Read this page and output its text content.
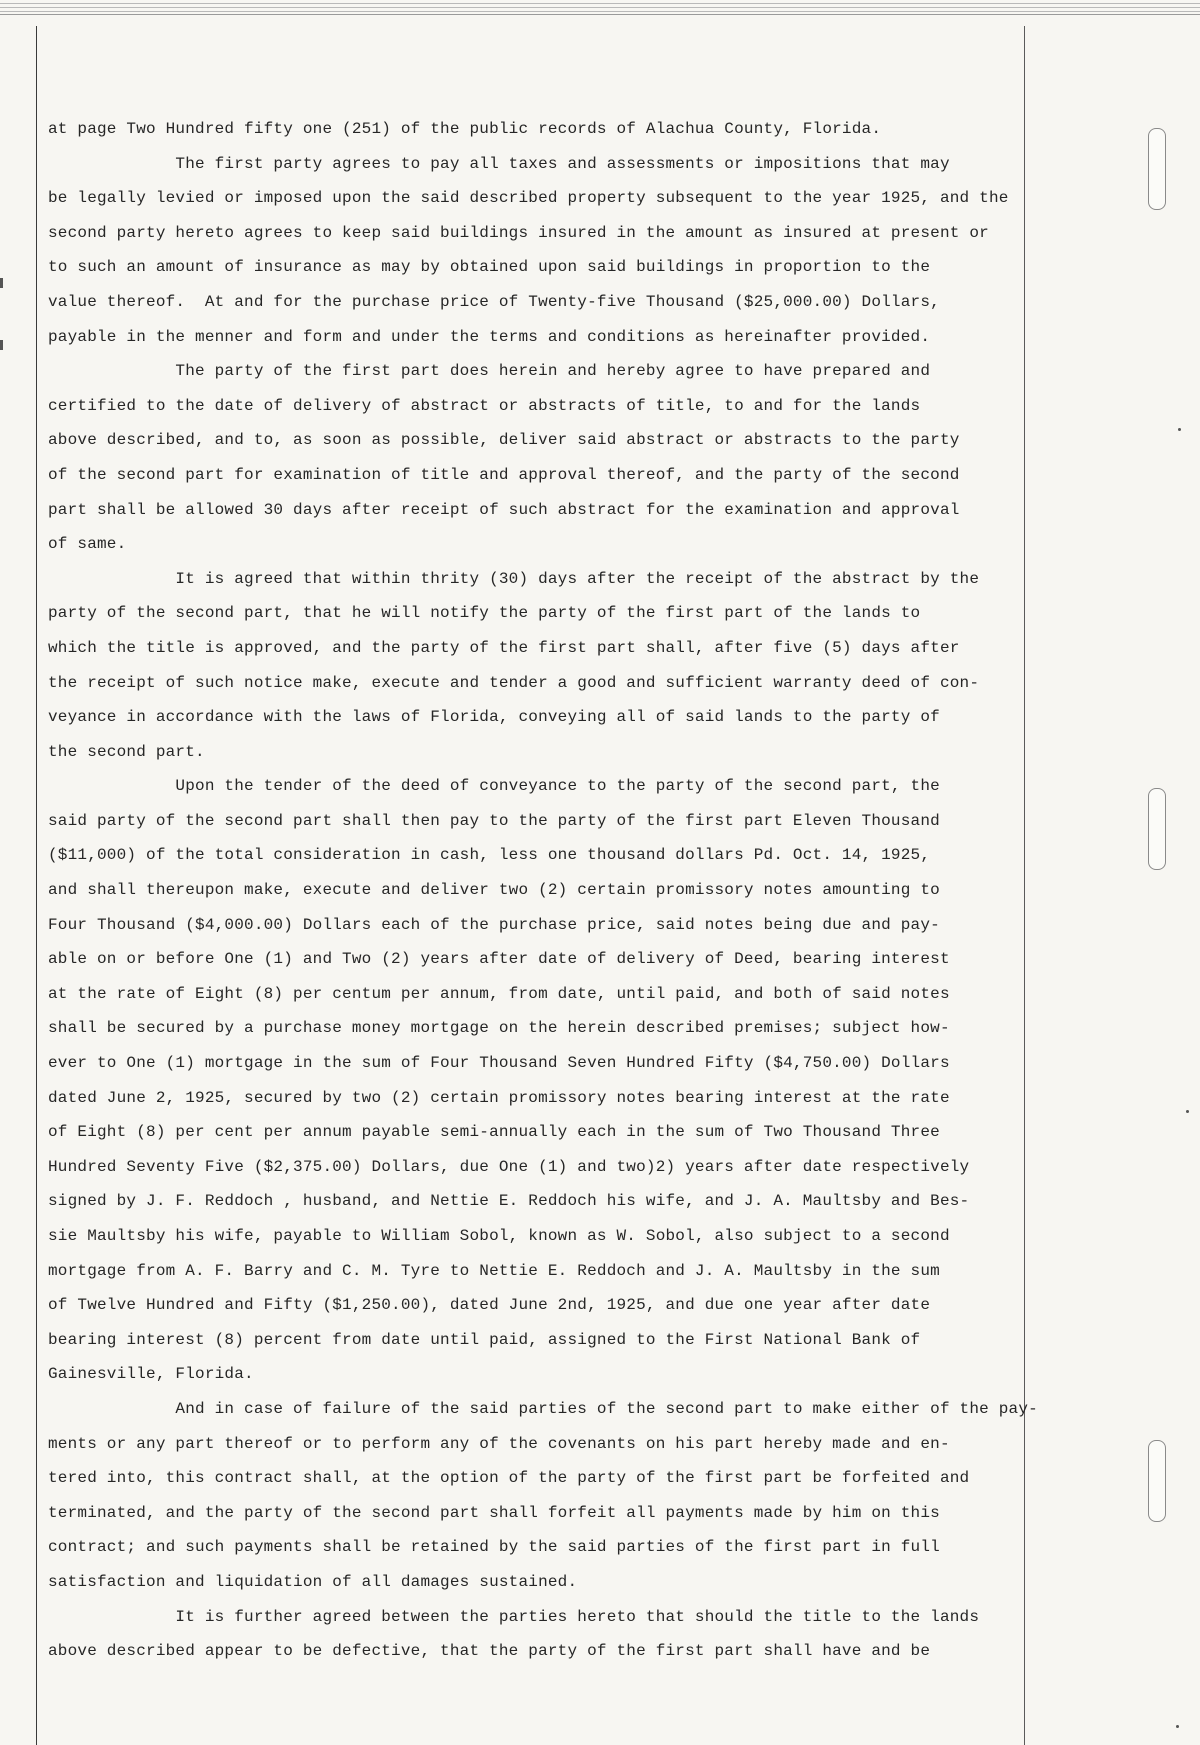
at page Two Hundred fifty one (251) of the public records of Alachua County, Florida.
The first party agrees to pay all taxes and assessments or impositions that may
be legally levied or imposed upon the said described property subsequent to the year 1925, and the
second party hereto agrees to keep said buildings insured in the amount as insured at present or
to such an amount of insurance as may by obtained upon said buildings in proportion to the
value thereof.  At and for the purchase price of Twenty-five Thousand ($25,000.00) Dollars,
payable in the menner and form and under the terms and conditions as hereinafter provided.
The party of the first part does herein and hereby agree to have prepared and
certified to the date of delivery of abstract or abstracts of title, to and for the lands
above described, and to, as soon as possible, deliver said abstract or abstracts to the party
of the second part for examination of title and approval thereof, and the party of the second
part shall be allowed 30 days after receipt of such abstract for the examination and approval
of same.
It is agreed that within thrity (30) days after the receipt of the abstract by the
party of the second part, that he will notify the party of the first part of the lands to
which the title is approved, and the party of the first part shall, after five (5) days after
the receipt of such notice make, execute and tender a good and sufficient warranty deed of con-
veyance in accordance with the laws of Florida, conveying all of said lands to the party of
the second part.
Upon the tender of the deed of conveyance to the party of the second part, the
said party of the second part shall then pay to the party of the first part Eleven Thousand
($11,000) of the total consideration in cash, less one thousand dollars Pd. Oct. 14, 1925,
and shall thereupon make, execute and deliver two (2) certain promissory notes amounting to
Four Thousand ($4,000.00) Dollars each of the purchase price, said notes being due and pay-
able on or before One (1) and Two (2) years after date of delivery of Deed, bearing interest
at the rate of Eight (8) per centum per annum, from date, until paid, and both of said notes
shall be secured by a purchase money mortgage on the herein described premises; subject how-
ever to One (1) mortgage in the sum of Four Thousand Seven Hundred Fifty ($4,750.00) Dollars
dated June 2, 1925, secured by two (2) certain promissory notes bearing interest at the rate
of Eight (8) per cent per annum payable semi-annually each in the sum of Two Thousand Three
Hundred Seventy Five ($2,375.00) Dollars, due One (1) and two)2) years after date respectively
signed by J. F. Reddoch , husband, and Nettie E. Reddoch his wife, and J. A. Maultsby and Bes-
sie Maultsby his wife, payable to William Sobol, known as W. Sobol, also subject to a second
mortgage from A. F. Barry and C. M. Tyre to Nettie E. Reddoch and J. A. Maultsby in the sum
of Twelve Hundred and Fifty ($1,250.00), dated June 2nd, 1925, and due one year after date
bearing interest (8) percent from date until paid, assigned to the First National Bank of
Gainesville, Florida.
And in case of failure of the said parties of the second part to make either of the pay-
ments or any part thereof or to perform any of the covenants on his part hereby made and en-
tered into, this contract shall, at the option of the party of the first part be forfeited and
terminated, and the party of the second part shall forfeit all payments made by him on this
contract; and such payments shall be retained by the said parties of the first part in full
satisfaction and liquidation of all damages sustained.
It is further agreed between the parties hereto that should the title to the lands
above described appear to be defective, that the party of the first part shall have and be
